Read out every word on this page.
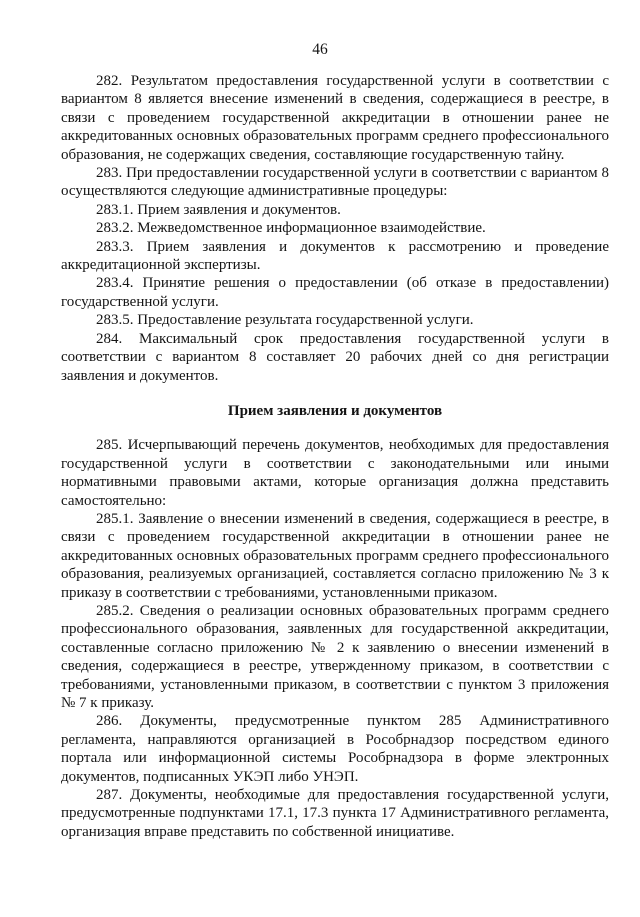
46

282. Результатом предоставления государственной услуги в соответствии с вариантом 8 является внесение изменений в сведения, содержащиеся в реестре, в связи с проведением государственной аккредитации в отношении ранее не аккредитованных основных образовательных программ среднего профессионального образования, не содержащих сведения, составляющие государственную тайну.

283. При предоставлении государственной услуги в соответствии с вариантом 8 осуществляются следующие административные процедуры:

283.1. Прием заявления и документов.

283.2. Межведомственное информационное взаимодействие.

283.3. Прием заявления и документов к рассмотрению и проведение аккредитационной экспертизы.

283.4. Принятие решения о предоставлении (об отказе в предоставлении) государственной услуги.

283.5. Предоставление результата государственной услуги.

284. Максимальный срок предоставления государственной услуги в соответствии с вариантом 8 составляет 20 рабочих дней со дня регистрации заявления и документов.

Прием заявления и документов

285. Исчерпывающий перечень документов, необходимых для предоставления государственной услуги в соответствии с законодательными или иными нормативными правовыми актами, которые организация должна представить самостоятельно:

285.1. Заявление о внесении изменений в сведения, содержащиеся в реестре, в связи с проведением государственной аккредитации в отношении ранее не аккредитованных основных образовательных программ среднего профессионального образования, реализуемых организацией, составляется согласно приложению № 3 к приказу в соответствии с требованиями, установленными приказом.

285.2. Сведения о реализации основных образовательных программ среднего профессионального образования, заявленных для государственной аккредитации, составленные согласно приложению № 2 к заявлению о внесении изменений в сведения, содержащиеся в реестре, утвержденному приказом, в соответствии с требованиями, установленными приказом, в соответствии с пунктом 3 приложения № 7 к приказу.

286. Документы, предусмотренные пунктом 285 Административного регламента, направляются организацией в Рособрнадзор посредством единого портала или информационной системы Рособрнадзора в форме электронных документов, подписанных УКЭП либо УНЭП.

287. Документы, необходимые для предоставления государственной услуги, предусмотренные подпунктами 17.1, 17.3 пункта 17 Административного регламента, организация вправе представить по собственной инициативе.
